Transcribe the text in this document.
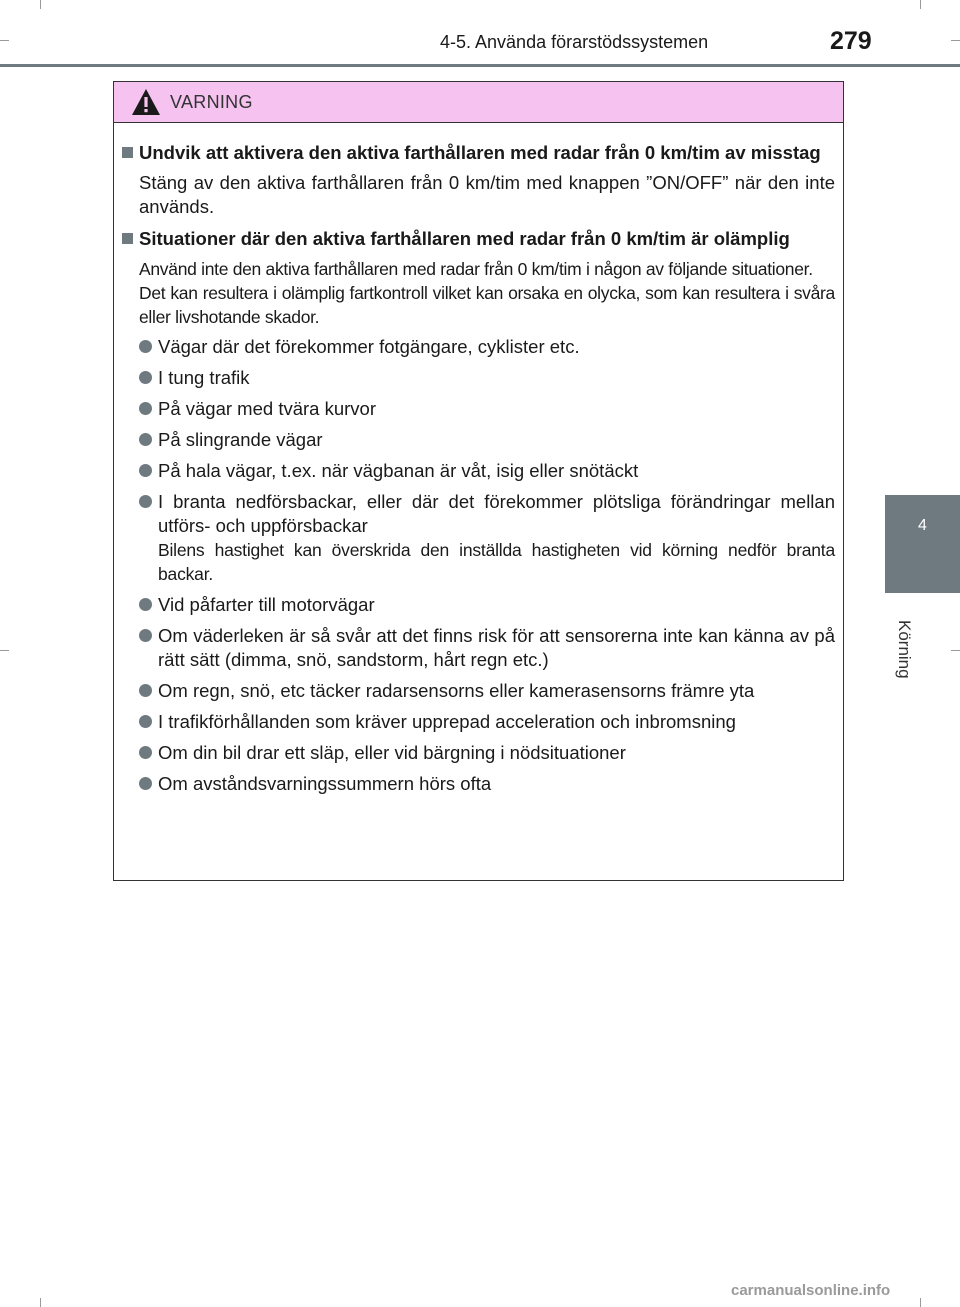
4-5. Använda förarstödssystemen	279
4
Körning
VARNING
Undvik att aktivera den aktiva farthållaren med radar från 0 km/tim av misstag

Stäng av den aktiva farthållaren från 0 km/tim med knappen ”ON/OFF” när den inte används.

Situationer där den aktiva farthållaren med radar från 0 km/tim är olämplig

Använd inte den aktiva farthållaren med radar från 0 km/tim i någon av följande situationer.

Det kan resultera i olämplig fartkontroll vilket kan orsaka en olycka, som kan resultera i svåra eller livshotande skador.

Vägar där det förekommer fotgängare, cyklister etc.
I tung trafik
På vägar med tvära kurvor
På slingrande vägar
På hala vägar, t.ex. när vägbanan är våt, isig eller snötäckt
I branta nedförsbackar, eller där det förekommer plötsliga förändringar mellan utförs- och uppförsbackar
Bilens hastighet kan överskrida den inställda hastigheten vid körning nedför branta backar.
Vid påfarter till motorvägar
Om väderleken är så svår att det finns risk för att sensorerna inte kan känna av på rätt sätt (dimma, snö, sandstorm, hårt regn etc.)
Om regn, snö, etc täcker radarsensorns eller kamerasensorns främre yta
I trafikförhållanden som kräver upprepad acceleration och inbromsning
Om din bil drar ett släp, eller vid bärgning i nödsituationer
Om avståndsvarningssummern hörs ofta
carmanualsonline.info
